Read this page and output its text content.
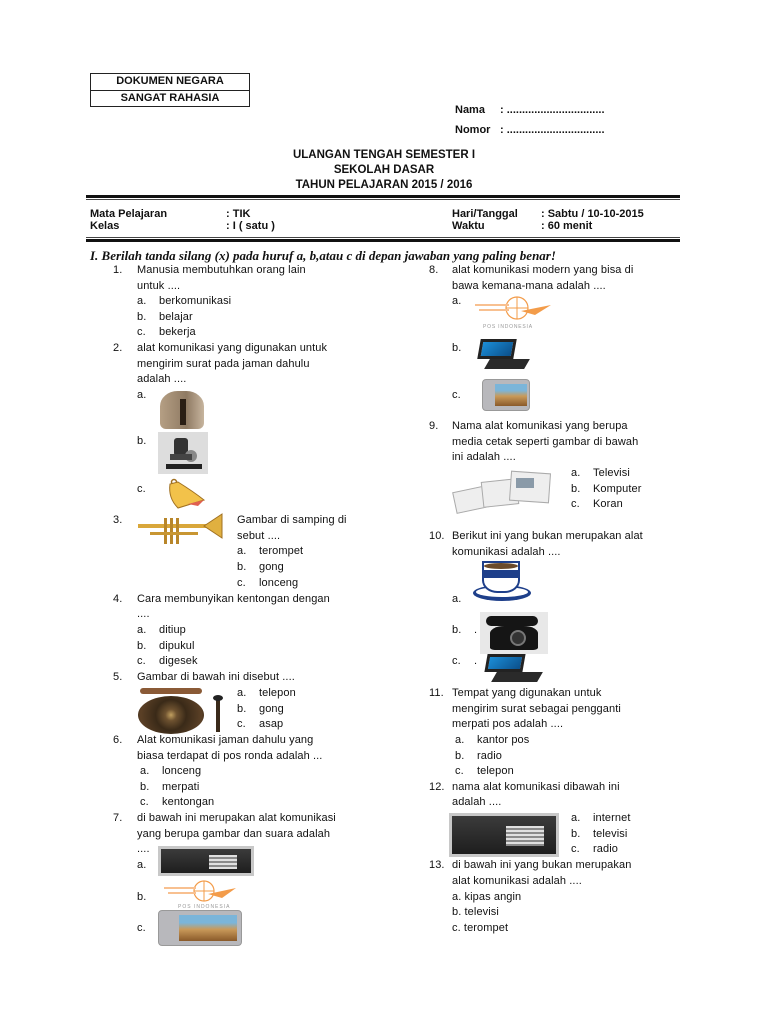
DOKUMEN NEGARA
SANGAT RAHASIA
Nama : ................................
Nomor : ................................
ULANGAN TENGAH SEMESTER I
SEKOLAH DASAR
TAHUN PELAJARAN 2015 / 2016
Mata Pelajaran	: TIK
Kelas	: I ( satu )
Hari/Tanggal : Sabtu / 10-10-2015
Waktu	: 60 menit
I. Berilah tanda silang (x) pada huruf a, b,atau c di depan jawaban yang paling benar!
1. Manusia membutuhkan orang lain
untuk ....
a. berkomunikasi
b. belajar
c. bekerja
2. alat komunikasi yang digunakan untuk
mengirim surat pada jaman dahulu
adalah ....
a.
b.
c.
3.	Gambar di samping di
sebut ....
a. terompet
b. gong
c. lonceng
4. Cara membunyikan kentongan dengan
....
a. ditiup
b. dipukul
c. digesek
5. Gambar di bawah ini disebut ....
a. telepon
b. gong
c. asap
6. Alat komunikasi jaman dahulu yang
biasa terdapat di pos ronda adalah ...
a. lonceng
b. merpati
c. kentongan
7. di bawah ini merupakan alat komunikasi
yang berupa gambar dan suara adalah
....
a.
b.
POS INDONESIA
c.
8. alat komunikasi modern yang bisa di
bawa kemana-mana adalah ....
a.
POS INDONESIA
b.
c.
9. Nama alat komunikasi yang berupa
media cetak seperti gambar di bawah
ini adalah ....
a. Televisi
b. Komputer
c. Koran
10. Berikut ini yang bukan merupakan alat
komunikasi adalah ....
a.
b. .
c. .
11. Tempat yang digunakan untuk
mengirim surat sebagai pengganti
merpati pos adalah ....
a. kantor pos
b. radio
c. telepon
12. nama alat komunikasi dibawah ini
adalah ....
a. internet
b. televisi
c. radio
13. di bawah ini yang bukan merupakan
alat komunikasi adalah ....
a. kipas angin
b. televisi
c. terompet
